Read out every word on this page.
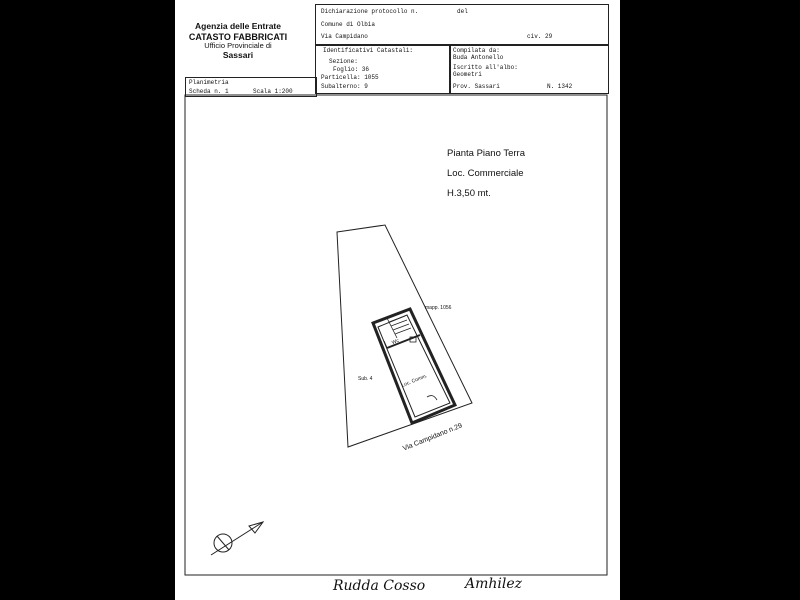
Agenzia delle Entrate
CATASTO FABBRICATI
Ufficio Provinciale di
Sassari
Dichiarazione protocollo n.	del
Comune di Olbia
Via Campidano	civ. 29
Identificativi Catastali:
Sezione:
Foglio: 36
Particella: 1055
Subalterno: 9
Compilata da:
Buda Antonello
Iscritto all'albo:
Geometri
Prov. Sassari	N. 1342
Planimetria
Scheda n. 1	Scala 1:200
Pianta Piano Terra
Loc. Commerciale
H.3,50 mt.
mapp. 1056
Sub. 4
Wc
Loc. Comm.
Via Campidano n.29
Rudda Cosso	Amhilez
